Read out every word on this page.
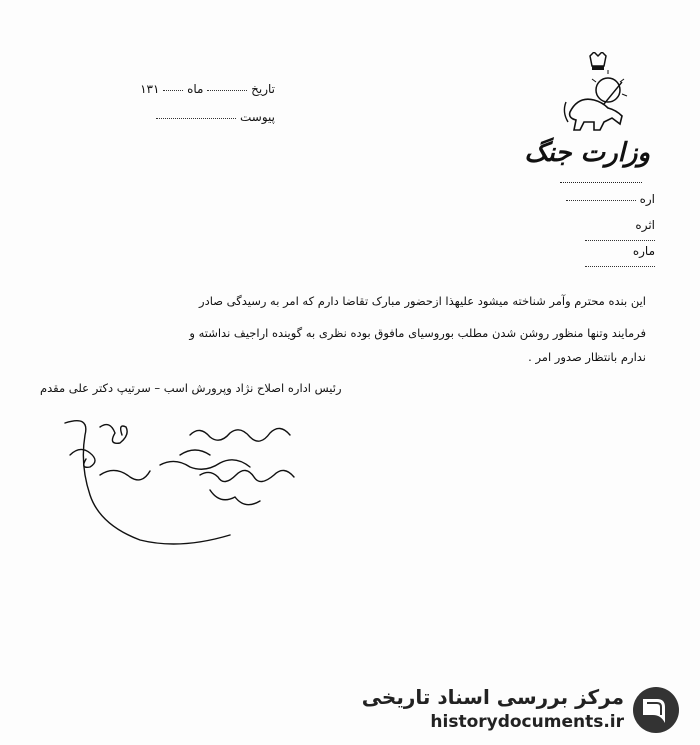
وزارت جنگ
اره
اثره
ماره
تاریخ  ماه  ۱۳۱
پیوست
این بنده محترم وآمر شناخته میشود علیهذا ازحضور مبارک تقاضا دارم که امر به رسیدگی صادر
فرمایند وتنها منظور روشن شدن مطلب بوروسیای مافوق بوده نظری به گوینده اراجیف نداشته و
ندارم بانتظار صدور امر .
رئیس اداره اصلاح نژاد وپرورش اسب – سرتیپ دکتر علی مقدم
مرکز بررسی اسناد تاریخی
historydocuments.ir
